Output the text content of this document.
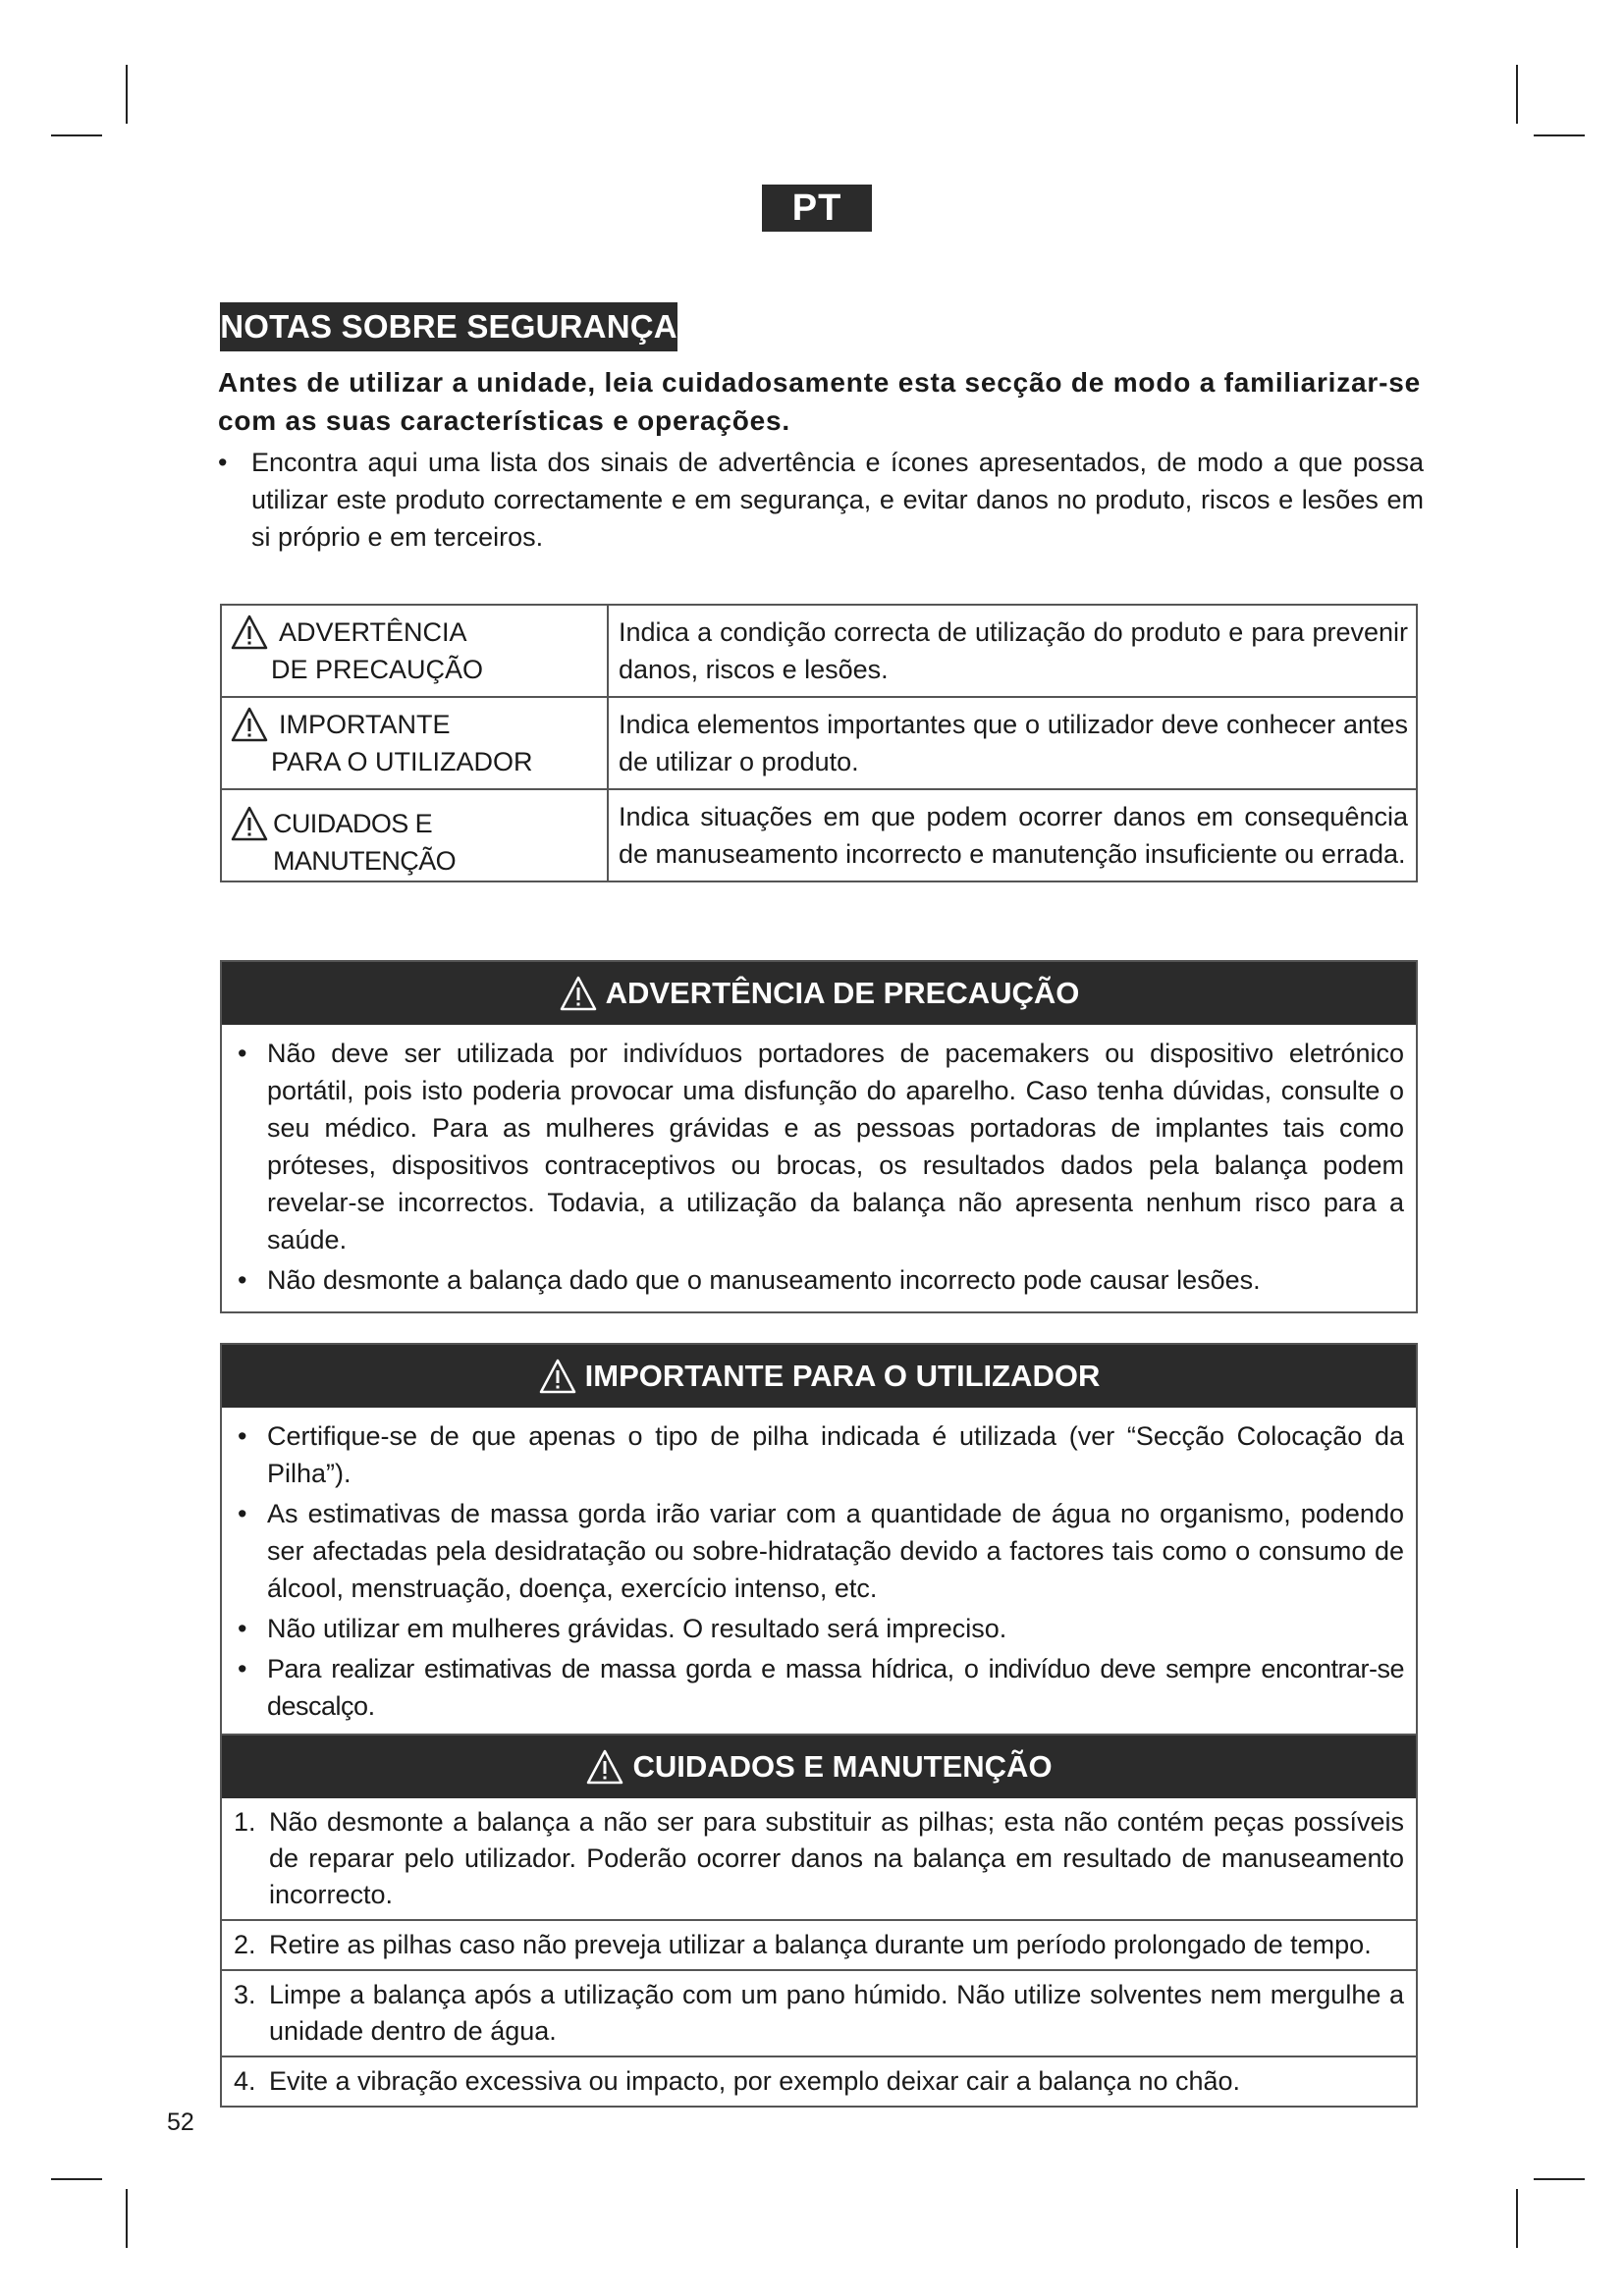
PT
NOTAS SOBRE SEGURANÇA
Antes de utilizar a unidade, leia cuidadosamente esta secção de modo a familiarizar-se com as suas características e operações.
• Encontra aqui uma lista dos sinais de advertência e ícones apresentados, de modo a que possa utilizar este produto correctamente e em segurança, e evitar danos no produto, riscos e lesões em si próprio e em terceiros.
ADVERTÊNCIA
DE PRECAUÇÃO	Indica a condição correcta de utilização do produto e para prevenir danos, riscos e lesões.

IMPORTANTE
PARA O UTILIZADOR	Indica elementos importantes que o utilizador deve conhecer antes de utilizar o produto.

CUIDADOS E MANUTENÇÃO	Indica situações em que podem ocorrer danos em consequência de manuseamento incorrecto e manutenção insuficiente ou errada.
ADVERTÊNCIA DE PRECAUÇÃO
• Não deve ser utilizada por indivíduos portadores de pacemakers ou dispositivo eletrónico portátil, pois isto poderia provocar uma disfunção do aparelho. Caso tenha dúvidas, consulte o seu médico. Para as mulheres grávidas e as pessoas portadoras de implantes tais como próteses, dispositivos contraceptivos ou brocas, os resultados dados pela balança podem revelar-se incorrectos. Todavia, a utilização da balança não apresenta nenhum risco para a saúde.
• Não desmonte a balança dado que o manuseamento incorrecto pode causar lesões.
IMPORTANTE PARA O UTILIZADOR
• Certifique-se de que apenas o tipo de pilha indicada é utilizada (ver “Secção Colocação da Pilha”).
• As estimativas de massa gorda irão variar com a quantidade de água no organismo, podendo ser afectadas pela desidratação ou sobre-hidratação devido a factores tais como o consumo de álcool, menstruação, doença, exercício intenso, etc.
• Não utilizar em mulheres grávidas. O resultado será impreciso.
• Para realizar estimativas de massa gorda e massa hídrica, o indivíduo deve sempre encontrar-se descalço.
CUIDADOS E MANUTENÇÃO
1. Não desmonte a balança a não ser para substituir as pilhas; esta não contém peças possíveis de reparar pelo utilizador. Poderão ocorrer danos na balança em resultado de manuseamento incorrecto.
2. Retire as pilhas caso não preveja utilizar a balança durante um período prolongado de tempo.
3. Limpe a balança após a utilização com um pano húmido. Não utilize solventes nem mergulhe a unidade dentro de água.
4. Evite a vibração excessiva ou impacto, por exemplo deixar cair a balança no chão.
52
